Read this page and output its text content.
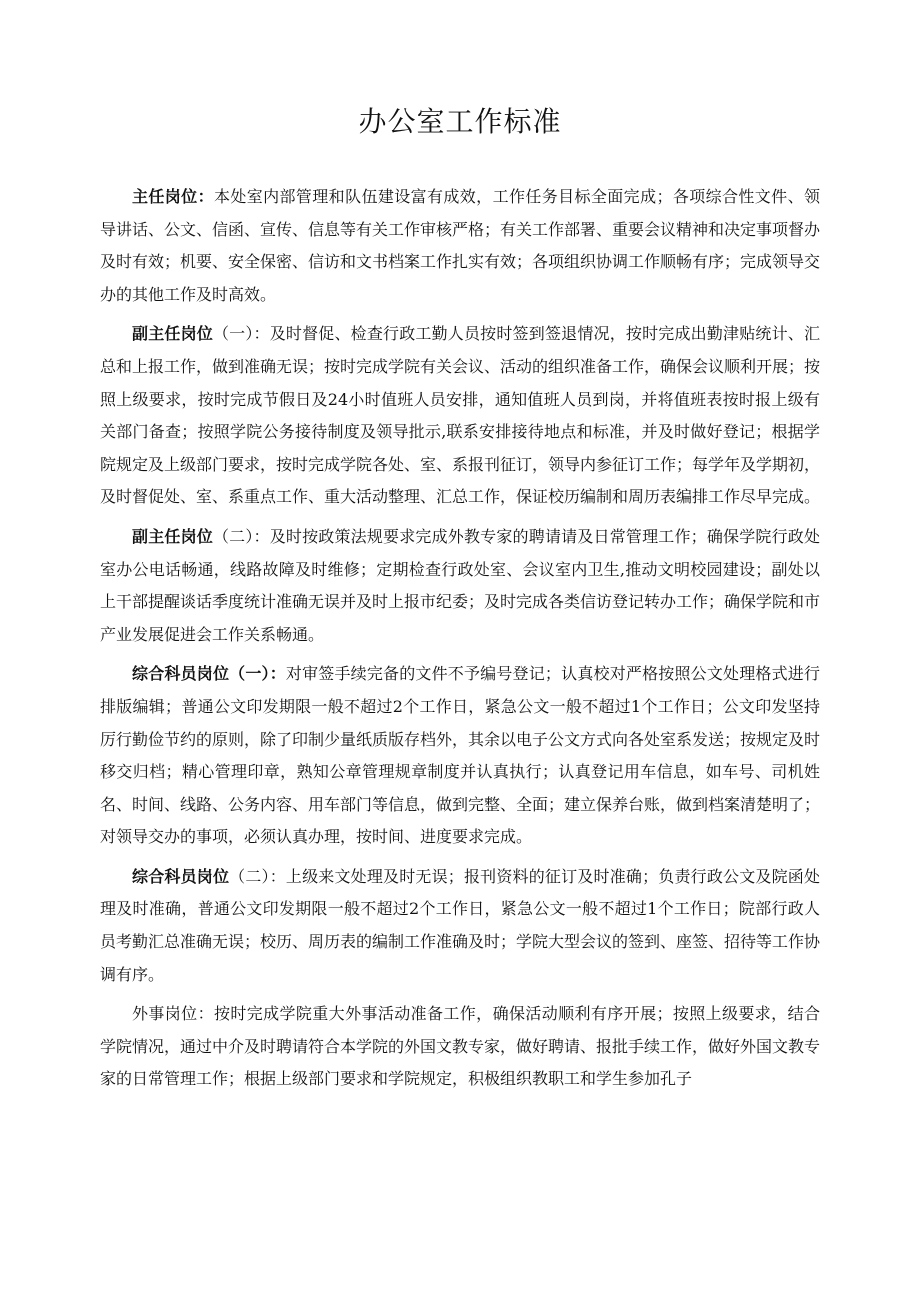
办公室工作标准

主任岗位：本处室内部管理和队伍建设富有成效，工作任务目标全面完成；各项综合性文件、领导讲话、公文、信函、宣传、信息等有关工作审核严格；有关工作部署、重要会议精神和决定事项督办及时有效；机要、安全保密、信访和文书档案工作扎实有效；各项组织协调工作顺畅有序；完成领导交办的其他工作及时高效。

副主任岗位（一）：及时督促、检查行政工勤人员按时签到签退情况，按时完成出勤津贴统计、汇总和上报工作，做到准确无误；按时完成学院有关会议、活动的组织准备工作，确保会议顺利开展；按照上级要求，按时完成节假日及24小时值班人员安排，通知值班人员到岗，并将值班表按时报上级有关部门备查；按照学院公务接待制度及领导批示,联系安排接待地点和标准，并及时做好登记；根据学院规定及上级部门要求，按时完成学院各处、室、系报刊征订，领导内参征订工作；每学年及学期初，及时督促处、室、系重点工作、重大活动整理、汇总工作，保证校历编制和周历表编排工作尽早完成。

副主任岗位（二）：及时按政策法规要求完成外教专家的聘请请及日常管理工作；确保学院行政处室办公电话畅通，线路故障及时维修；定期检查行政处室、会议室内卫生,推动文明校园建设；副处以上干部提醒谈话季度统计准确无误并及时上报市纪委；及时完成各类信访登记转办工作；确保学院和市产业发展促进会工作关系畅通。

综合科员岗位（一）：对审签手续完备的文件不予编号登记；认真校对严格按照公文处理格式进行排版编辑；普通公文印发期限一般不超过2个工作日，紧急公文一般不超过1个工作日；公文印发坚持厉行勤俭节约的原则，除了印制少量纸质版存档外，其余以电子公文方式向各处室系发送；按规定及时移交归档；精心管理印章，熟知公章管理规章制度并认真执行；认真登记用车信息，如车号、司机姓名、时间、线路、公务内容、用车部门等信息，做到完整、全面；建立保养台账，做到档案清楚明了；对领导交办的事项，必须认真办理，按时间、进度要求完成。

综合科员岗位（二）：上级来文处理及时无误；报刊资料的征订及时准确；负责行政公文及院函处理及时准确，普通公文印发期限一般不超过2个工作日，紧急公文一般不超过1个工作日；院部行政人员考勤汇总准确无误；校历、周历表的编制工作准确及时；学院大型会议的签到、座签、招待等工作协调有序。

外事岗位：按时完成学院重大外事活动准备工作，确保活动顺利有序开展；按照上级要求，结合学院情况，通过中介及时聘请符合本学院的外国文教专家，做好聘请、报批手续工作，做好外国文教专家的日常管理工作；根据上级部门要求和学院规定，积极组织教职工和学生参加孔子
